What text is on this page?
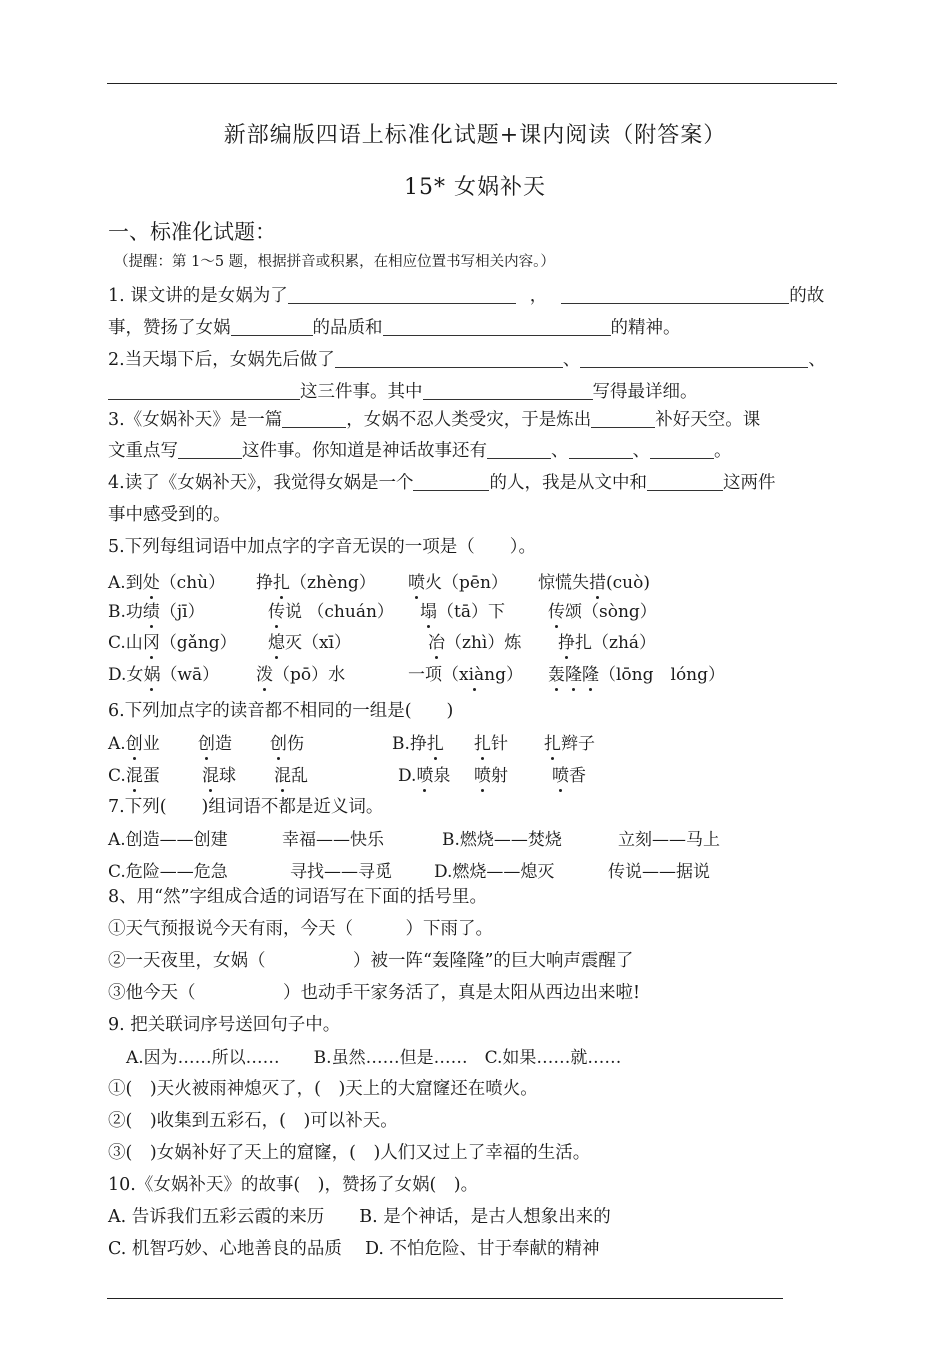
新部编版四语上标准化试题+课内阅读（附答案）
15* 女娲补天
一、标准化试题：
（提醒：第 1～5 题，根据拼音或积累，在相应位置书写相关内容。）
1. 课文讲的是女娲为了	，	的故
事，赞扬了女娲	的品质和	的精神。
2.当天塌下后，女娲先后做了	、	、
这三件事。其中	写得最详细。
3.《女娲补天》是一篇	，女娲不忍人类受灾，于是炼出	补好天空。课
文重点写	这件事。你知道是神话故事还有	、	、	。
4.读了《女娲补天》，我觉得女娲是一个	的人，我是从文中和	这两件
事中感受到的。
5.下列每组词语中加点字的字音无误的一项是（　　）。
A.到处（chù） 挣扎（zhèng） 喷火（pēn） 惊慌失措(cuò)
B.功绩（jī）	传说 （chuán） 塌（tā）下	传颂（sòng）
C.山冈（gǎng） 熄灭（xī）	冶（zhì）炼 挣扎（zhá）
D.女娲（wā） 泼（pō）水	一项（xiàng） 轰隆隆（lōng　lóng）
6.下列加点字的读音都不相同的一组是(　　)
A.创业 创造 创伤	B.挣扎 扎针 扎辫子
C.混蛋 混球 混乱	D.喷泉 喷射	喷香
7.下列(　　)组词语不都是近义词。
A.创造——创建	幸福——快乐	B.燃烧——焚烧	立刻——马上
C.危险——危急	寻找——寻觅 D.燃烧——熄灭	传说——据说
8、用“然”字组成合适的词语写在下面的括号里。
①天气预报说今天有雨，今天（　　　）下雨了。
②一天夜里，女娲（　　　　　）被一阵“轰隆隆”的巨大响声震醒了
③他今天（　　　　　）也动手干家务活了，真是太阳从西边出来啦!
9. 把关联词序号送回句子中。
A.因为……所以……　　B.虽然……但是……　C.如果……就……
①(　)天火被雨神熄灭了，(　)天上的大窟窿还在喷火。
②(　)收集到五彩石，(　)可以补天。
③(　)女娲补好了天上的窟窿，(　)人们又过上了幸福的生活。
10.《女娲补天》的故事(　)，赞扬了女娲(　)。
A. 告诉我们五彩云霞的来历　　B. 是个神话，是古人想象出来的
C. 机智巧妙、心地善良的品质　 D. 不怕危险、甘于奉献的精神
